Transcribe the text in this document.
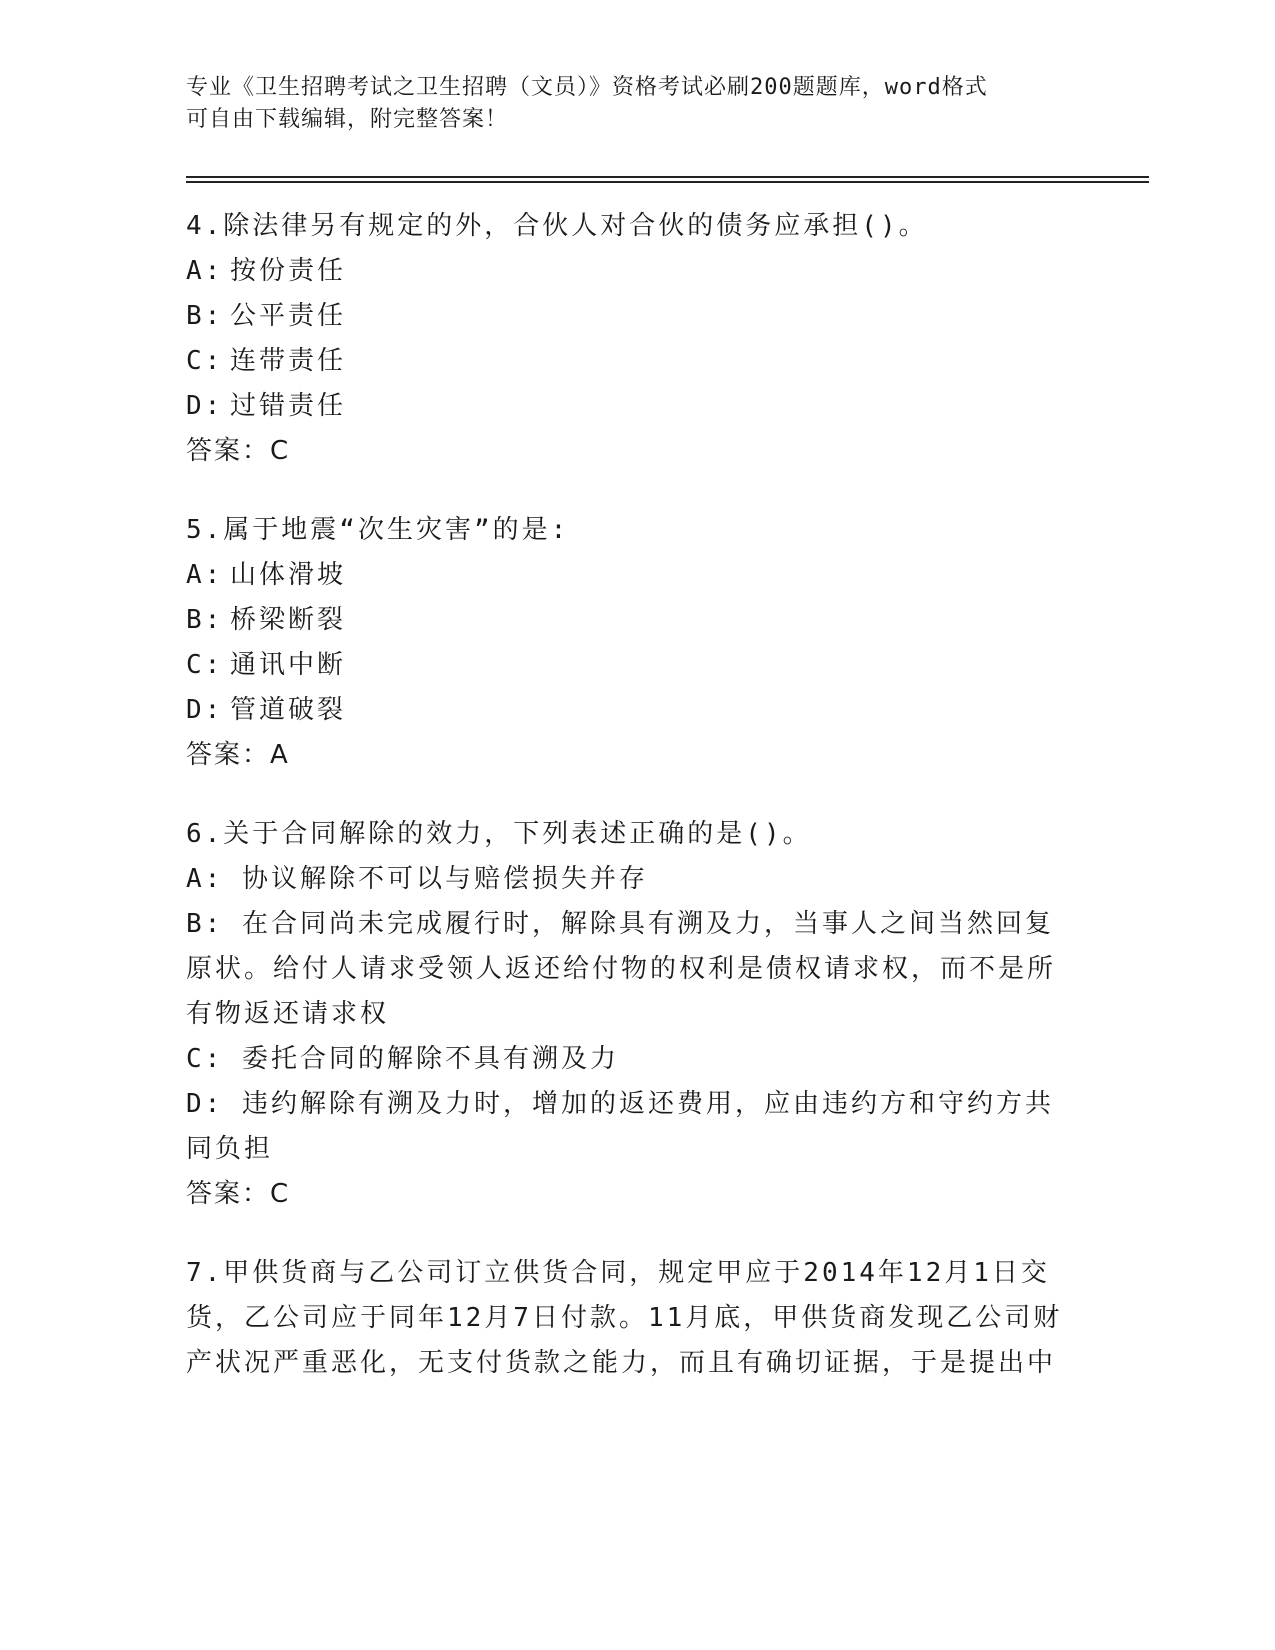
专业《卫生招聘考试之卫生招聘（文员）》资格考试必刷200题题库，word格式
可自由下载编辑，附完整答案！
4.除法律另有规定的外，合伙人对合伙的债务应承担()。
A: 按份责任
B: 公平责任
C: 连带责任
D: 过错责任
答案：C
5.属于地震“次生灾害”的是:
A: 山体滑坡
B: 桥梁断裂
C: 通讯中断
D: 管道破裂
答案：A
6.关于合同解除的效力，下列表述正确的是()。
A: 协议解除不可以与赔偿损失并存
B: 在合同尚未完成履行时，解除具有溯及力，当事人之间当然回复原状。给付人请求受领人返还给付物的权利是债权请求权，而不是所有物返还请求权
C: 委托合同的解除不具有溯及力
D: 违约解除有溯及力时，增加的返还费用，应由违约方和守约方共同负担
答案：C
7.甲供货商与乙公司订立供货合同，规定甲应于2014年12月1日交货，乙公司应于同年12月7日付款。11月底，甲供货商发现乙公司财产状况严重恶化，无支付货款之能力，而且有确切证据，于是提出中
